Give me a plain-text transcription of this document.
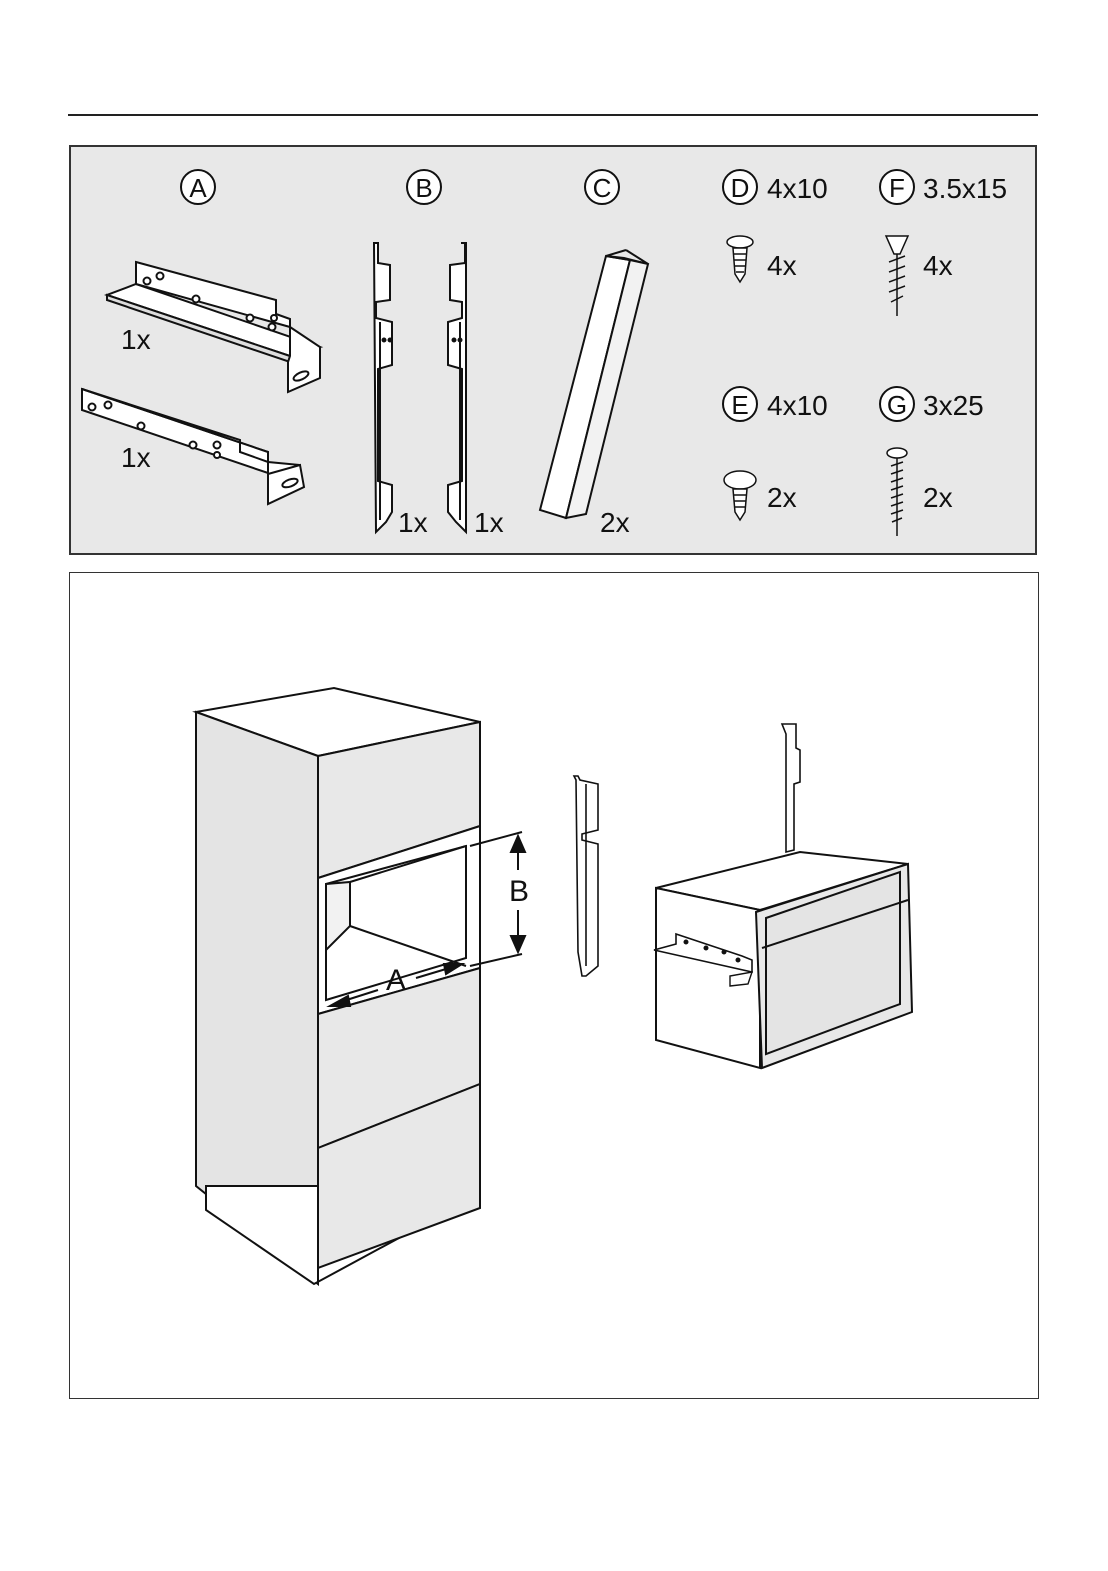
A	B	C	D 4x10 F 3.5x15
E 4x10 G 3x25
1x
1x
1x 1x	2x
4x	4x
2x	2x
A
B
